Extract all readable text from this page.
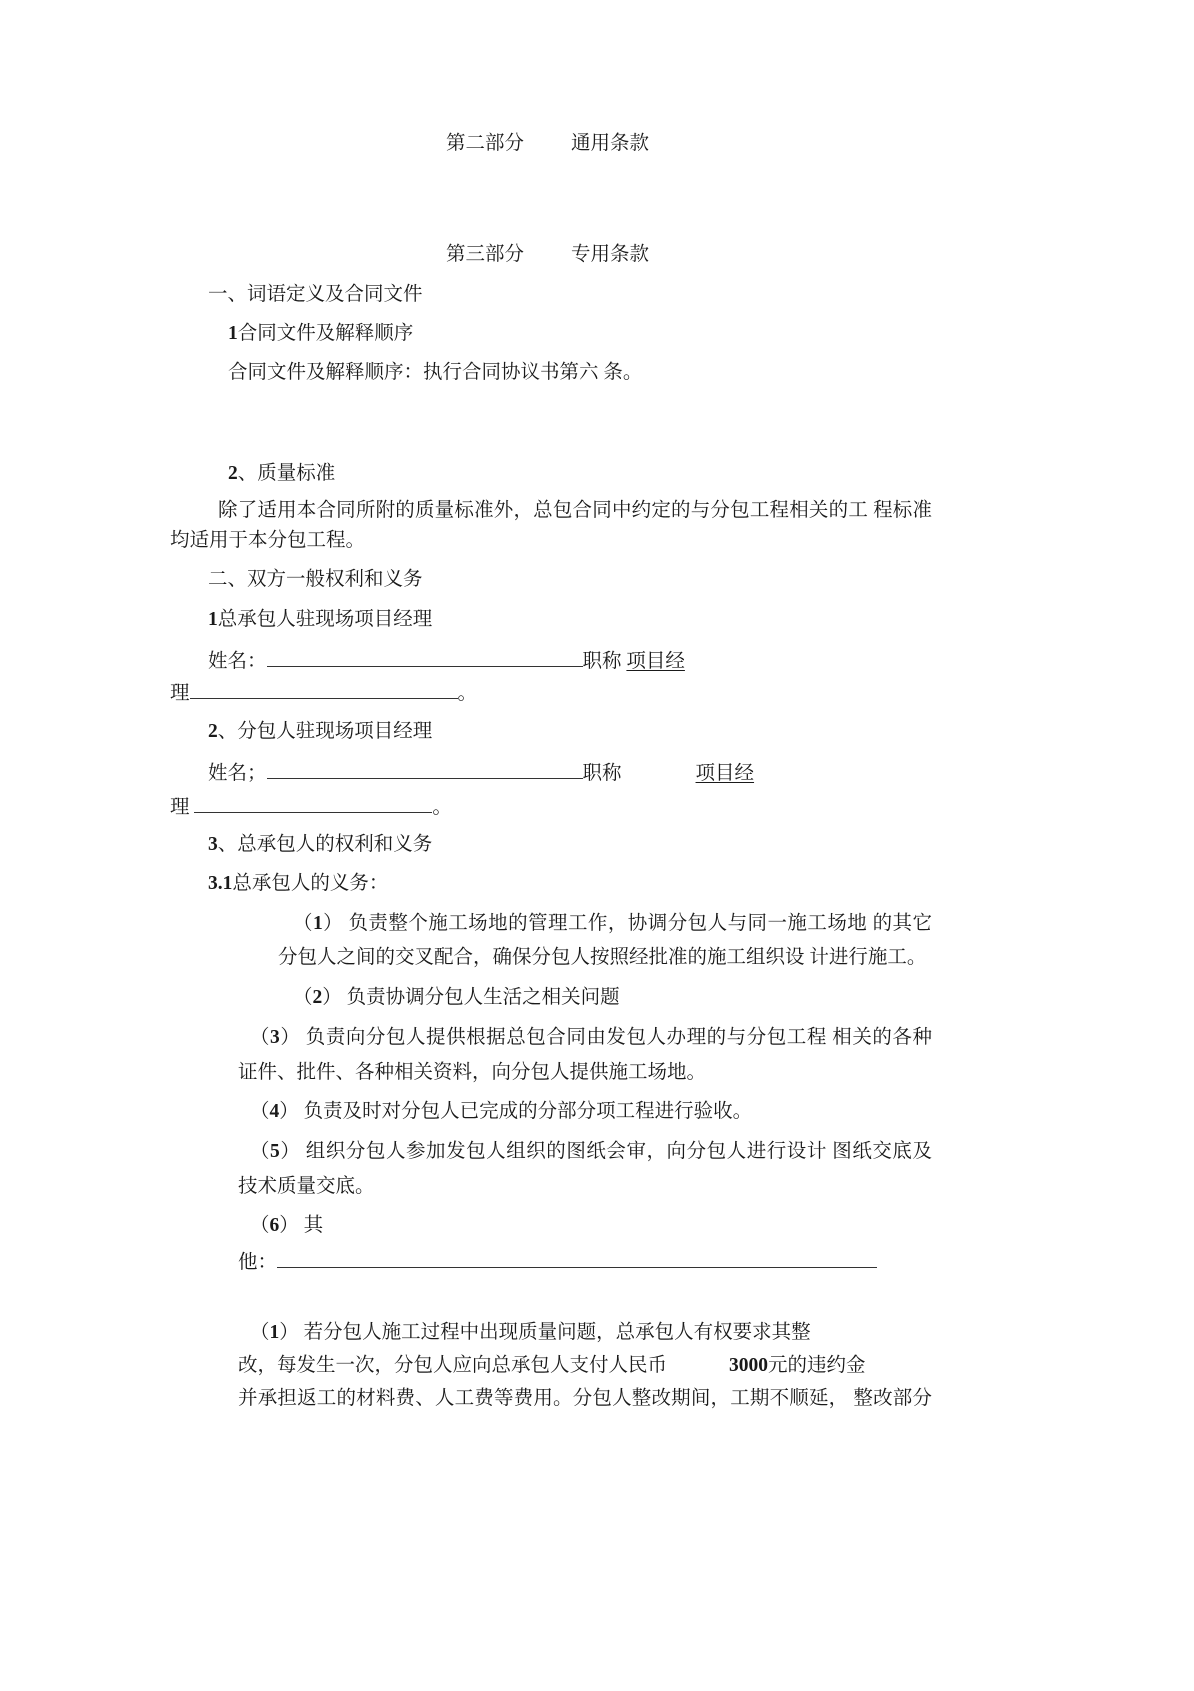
第二部分 通用条款
第三部分 专用条款
一、词语定义及合同文件
1合同文件及解释顺序
合同文件及解释顺序：执行合同协议书第六 条。
2、质量标准
除了适用本合同所附的质量标准外，总包合同中约定的与分包工程相关的工 程标准
均适用于本分包工程。
二、双方一般权利和义务
1总承包人驻现场项目经理
姓名：	职称 项目经
理	。
2、分包人驻现场项目经理
姓名；	职称	项目经
理	。
3、总承包人的权利和义务
3.1总承包人的义务：
（1） 负责整个施工场地的管理工作，协调分包人与同一施工场地 的其它
分包人之间的交叉配合，确保分包人按照经批准的施工组织设 计进行施工。
（2） 负责协调分包人生活之相关问题
（3） 负责向分包人提供根据总包合同由发包人办理的与分包工程 相关的各种
证件、批件、各种相关资料，向分包人提供施工场地。
（4） 负责及时对分包人已完成的分部分项工程进行验收。
（5） 组织分包人参加发包人组织的图纸会审，向分包人进行设计 图纸交底及
技术质量交底。
（6） 其
他：
（1） 若分包人施工过程中出现质量问题，总承包人有权要求其整
改，每发生一次，分包人应向总承包人支付人民币	3000元的违约金
并承担返工的材料费、人工费等费用。分包人整改期间，工期不顺延， 整改部分
